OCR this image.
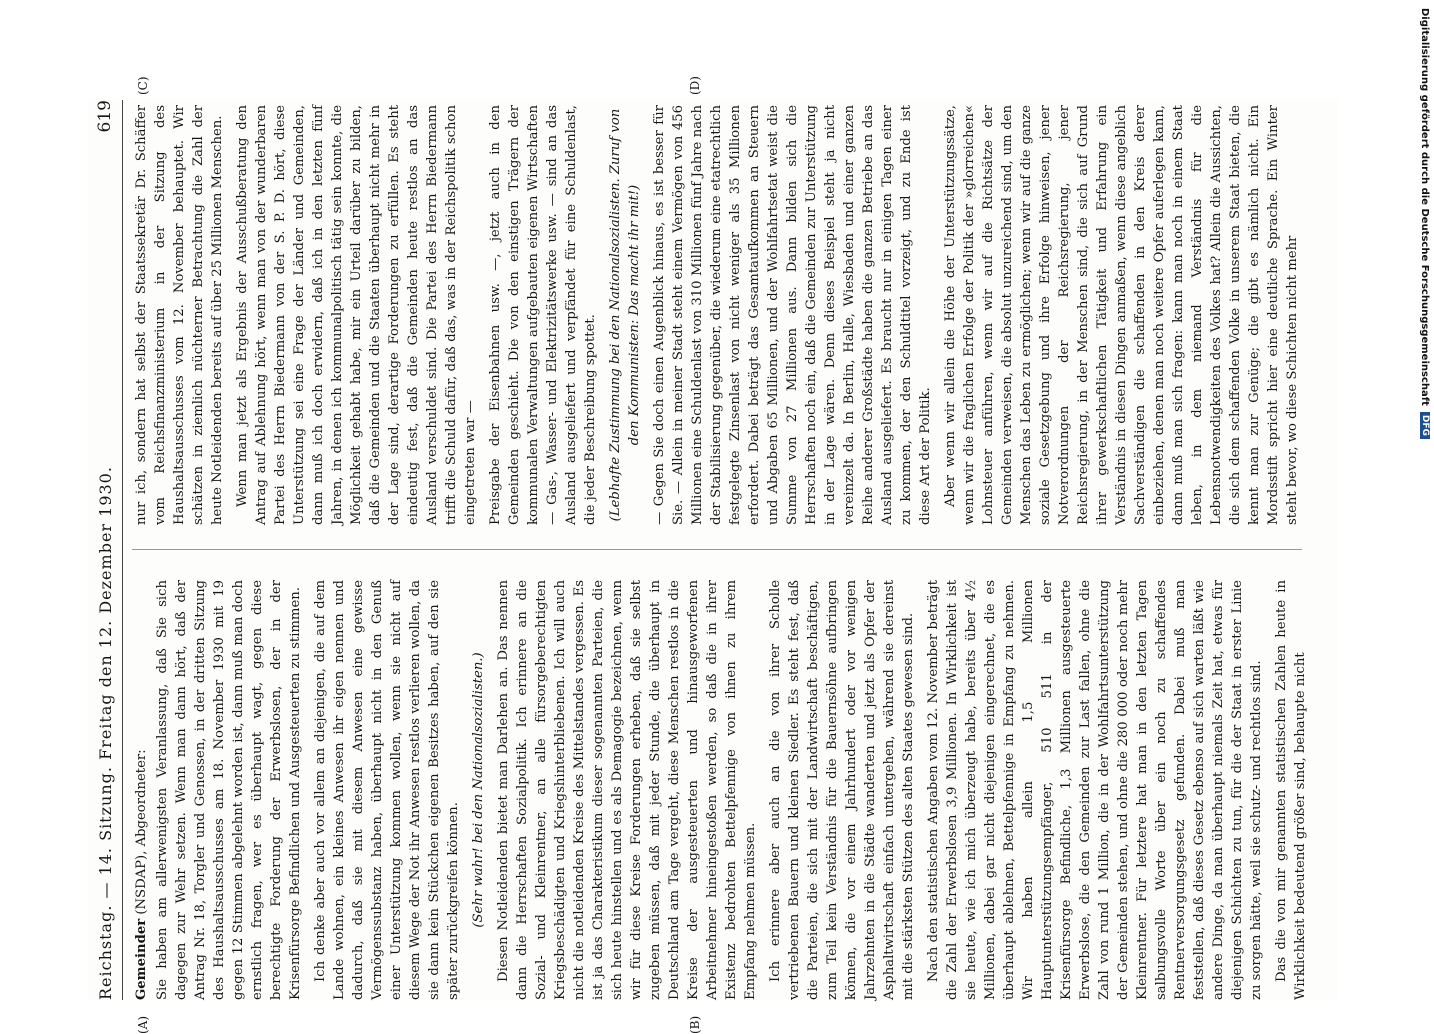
Reichstag. — 14. Sitzung. Freitag den 12. Dezember 1930.
619
(A)	(B)
(C)	(D)
Gemeinder (NSDAP), Abgeordneter: Sie haben am allerwenigsten Veranlassung, daß Sie sich dagegen zur Wehr setzen. Wenn man dann hört, daß der Antrag Nr. 18, Torgler und Genossen, in der dritten Sitzung des Haushaltsausschusses am 18. November 1930 mit 19 gegen 12 Stimmen abgelehnt worden ist, dann muß man doch ernstlich fragen, wer es überhaupt wagt, gegen diese berechtigte Forderung der Erwerbslosen, der in der Krisenfürsorge Befindlichen und Ausgesteuerten zu stimmen. Ich denke aber auch vor allem an diejenigen, die auf dem Lande wohnen, ein kleines Anwesen ihr eigen nennen und dadurch, daß sie mit diesem Anwesen eine gewisse Vermögenssubstanz haben, überhaupt nicht in den Genuß einer Unterstützung kommen wollen, wenn sie nicht auf diesem Wege der Not ihr Anwesen restlos verlieren wollen, da sie dann kein Stückchen eigenen Besitzes haben, auf den sie später zurückgreifen können. (Sehr wahr! bei den Nationalsozialisten.) Diesen Notleidenden bietet man Darlehen an. Das nennen dann die Herrschaften Sozialpolitik. Ich erinnere an die Sozial- und Kleinrentner, an alle fürsorgeberechtigten Kriegsbeschädigten und Kriegshinterbliebenen. Ich will auch nicht die notleidenden Kreise des Mittelstandes vergessen. Es ist ja das Charakteristikum dieser sogenannten Parteien, die sich heute hinstellen und es als Demagogie bezeichnen, wenn wir für diese Kreise Forderungen erheben, daß sie selbst zugeben müssen, daß mit jeder Stunde, die überhaupt in Deutschland am Tage vergeht, diese Menschen restlos in die Kreise der ausgesteuerten und hinausgeworfenen Arbeitnehmer hineingestoßen werden, so daß die in ihrer Existenz bedrohten Bettelpfennige von ihnen zu ihrem Empfang nehmen müssen. Ich erinnere aber auch an die von ihrer Scholle vertriebenen Bauern und kleinen Siedler. Es steht fest, daß die Parteien, die sich mit der Landwirtschaft beschäftigen, zum Teil kein Verständnis für die Bauernsöhne aufbringen können, die vor einem Jahrhundert oder vor wenigen Jahrzehnten in die Städte wanderten und jetzt als Opfer der Asphaltwirtschaft einfach untergehen, während sie dereinst mit die stärksten Stützen des alten Staates gewesen sind. Nach den statistischen Angaben vom 12. November beträgt die Zahl der Erwerbslosen 3,9 Millionen. In Wirklichkeit ist sie heute, wie ich mich überzeugt habe, bereits über 4½ Millionen, dabei gar nicht diejenigen eingerechnet, die es überhaupt ablehnen, Bettelpfennige in Empfang zu nehmen. Wir haben allein 1,5 Millionen Hauptunterstützungsempfänger, 510 511 in der Krisenfürsorge Befindliche, 1,3 Millionen ausgesteuerte Erwerbslose, die den Gemeinden zur Last fallen, ohne die Zahl von rund 1 Million, die in der Wohlfahrtsunterstützung der Gemeinden stehen, und ohne die 280 000 oder noch mehr Kleinrentner. Für letztere hat man in den letzten Tagen salbungsvolle Worte über ein noch zu schaffendes Rentnerversorgungsgesetz gefunden. Dabei muß man feststellen, daß dieses Gesetz ebenso auf sich warten läßt wie andere Dinge, da man überhaupt niemals Zeit hat, etwas für diejenigen Schichten zu tun, für die der Staat in erster Linie zu sorgen hätte, weil sie schutz- und rechtlos sind. Das die von mir genannten statistischen Zahlen heute in Wirklichkeit bedeutend größer sind, behaupte nicht

nur ich, sondern hat selbst der Staatssekretär Dr. Schäffer vom Reichsfinanzministerium in der Sitzung des Haushaltsausschusses vom 12. November behauptet. Wir schätzen in ziemlich nüchterner Betrachtung die Zahl der heute Notleidenden bereits auf über 25 Millionen Menschen. Wenn man jetzt als Ergebnis der Ausschußberatung den Antrag auf Ablehnung hört, wenn man von der wunderbaren Partei des Herrn Biedermann von der S. P. D. hört, diese Unterstützung sei eine Frage der Länder und Gemeinden, dann muß ich doch erwidern, daß ich in den letzten fünf Jahren, in denen ich kommunalpolitisch tätig sein konnte, die Möglichkeit gehabt habe, mir ein Urteil darüber zu bilden, daß die Gemeinden und die Staaten überhaupt nicht mehr in der Lage sind, derartige Forderungen zu erfüllen. Es steht eindeutig fest, daß die Gemeinden heute restlos an das Ausland verschuldet sind. Die Partei des Herrn Biedermann trifft die Schuld dafür, daß das, was in der Reichspolitik schon eingetreten war — Preisgabe der Eisenbahnen usw. —, jetzt auch in den Gemeinden geschieht. Die von den einstigen Trägern der kommunalen Verwaltungen aufgebauten eigenen Wirtschaften — Gas-, Wasser- und Elektrizitätswerke usw. — sind an das Ausland ausgeliefert und verpfändet für eine Schuldenlast, die jeder Beschreibung spottet. (Lebhafte Zustimmung bei den Nationalsozialisten. Zuruf von den Kommunisten: Das macht ihr mit!) — Gegen Sie doch einen Augenblick hinaus, es ist besser für Sie. — Allein in meiner Stadt steht einem Vermögen von 456 Millionen eine Schuldenlast von 310 Millionen fünf Jahre nach der Stabilisierung gegenüber, die wiederum eine etatrechtlich festgelegte Zinsenlast von nicht weniger als 35 Millionen erfordert. Dabei beträgt das Gesamtaufkommen an Steuern und Abgaben 65 Millionen, und der Wohlfahrtsetat weist die Summe von 27 Millionen aus. Dann bilden sich die Herrschaften noch ein, daß die Gemeinden zur Unterstützung in der Lage wären. Denn dieses Beispiel steht ja nicht vereinzelt da. In Berlin, Halle, Wiesbaden und einer ganzen Reihe anderer Großstädte haben die ganzen Betriebe an das Ausland ausgeliefert. Es braucht nur in einigen Tagen einer zu kommen, der den Schuldtitel vorzeigt, und zu Ende ist diese Art der Politik. Aber wenn wir allein die Höhe der Unterstützungssätze, wenn wir die fraglichen Erfolge der Politik der »glorreichen« Lohnsteuer anführen, wenn wir auf die Richtsätze der Gemeinden verweisen, die absolut unzureichend sind, um den Menschen das Leben zu ermöglichen; wenn wir auf die ganze soziale Gesetzgebung und ihre Erfolge hinweisen, jener Notverordnungen der Reichsregierung, jener Reichsregierung, in der Menschen sind, die sich auf Grund ihrer gewerkschaftlichen Tätigkeit und Erfahrung ein Verständnis in diesen Dingen anmaßen, wenn diese angeblich Sachverständigen die schaffenden in den Kreis derer einbeziehen, denen man noch weitere Opfer auferlegen kann, dann muß man sich fragen: kann man noch in einem Staat leben, in dem niemand Verständnis für die Lebensnotwendigkeiten des Volkes hat? Allein die Aussichten, die sich dem schaffenden Volke in unserem Staat bieten, die kennt man zur Genüge; die gibt es nämlich nicht. Ein Mordsstift spricht hier eine deutliche Sprache. Ein Winter steht bevor, wo diese Schichten nicht mehr	Digitalisierung gefördert durch die Deutsche Forschungsgemeinschaft
DFG
